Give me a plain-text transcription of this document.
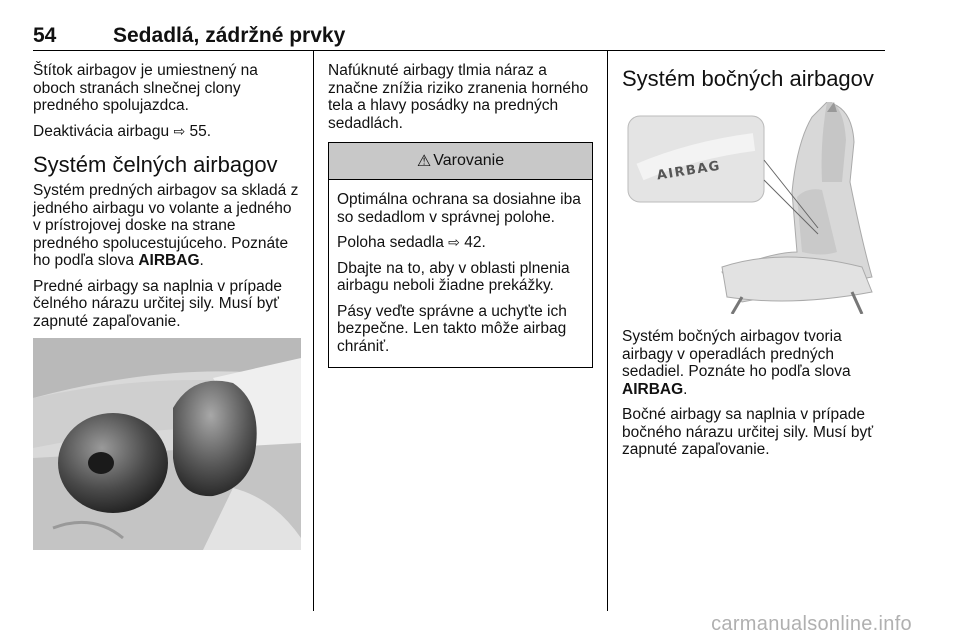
54	Sedadlá, zádržné prvky

Štítok airbagov je umiestnený na oboch stranách slnečnej clony predného spolujazdca.

Deaktivácia airbagu ⇨ 55.

Systém čelných airbagov

Systém predných airbagov sa skladá z jedného airbagu vo volante a jedného v prístrojovej doske na strane predného spolucestujúceho. Poznáte ho podľa slova AIRBAG.

Predné airbagy sa naplnia v prípade čelného nárazu určitej sily. Musí byť zapnuté zapaľovanie.

Nafúknuté airbagy tlmia náraz a značne znížia riziko zranenia horného tela a hlavy posádky na predných sedadlách.

⚠ Varovanie

Optimálna ochrana sa dosiahne iba so sedadlom v správnej polohe.

Poloha sedadla ⇨ 42.

Dbajte na to, aby v oblasti plnenia airbagu neboli žiadne prekážky.

Pásy veďte správne a uchyťte ich bezpečne. Len takto môže airbag chrániť.

Systém bočných airbagov
AIRBAG

Systém bočných airbagov tvoria airbagy v operadlách predných sedadiel. Poznáte ho podľa slova AIRBAG.

Bočné airbagy sa naplnia v prípade bočného nárazu určitej sily. Musí byť zapnuté zapaľovanie.

carmanualsonline.info
